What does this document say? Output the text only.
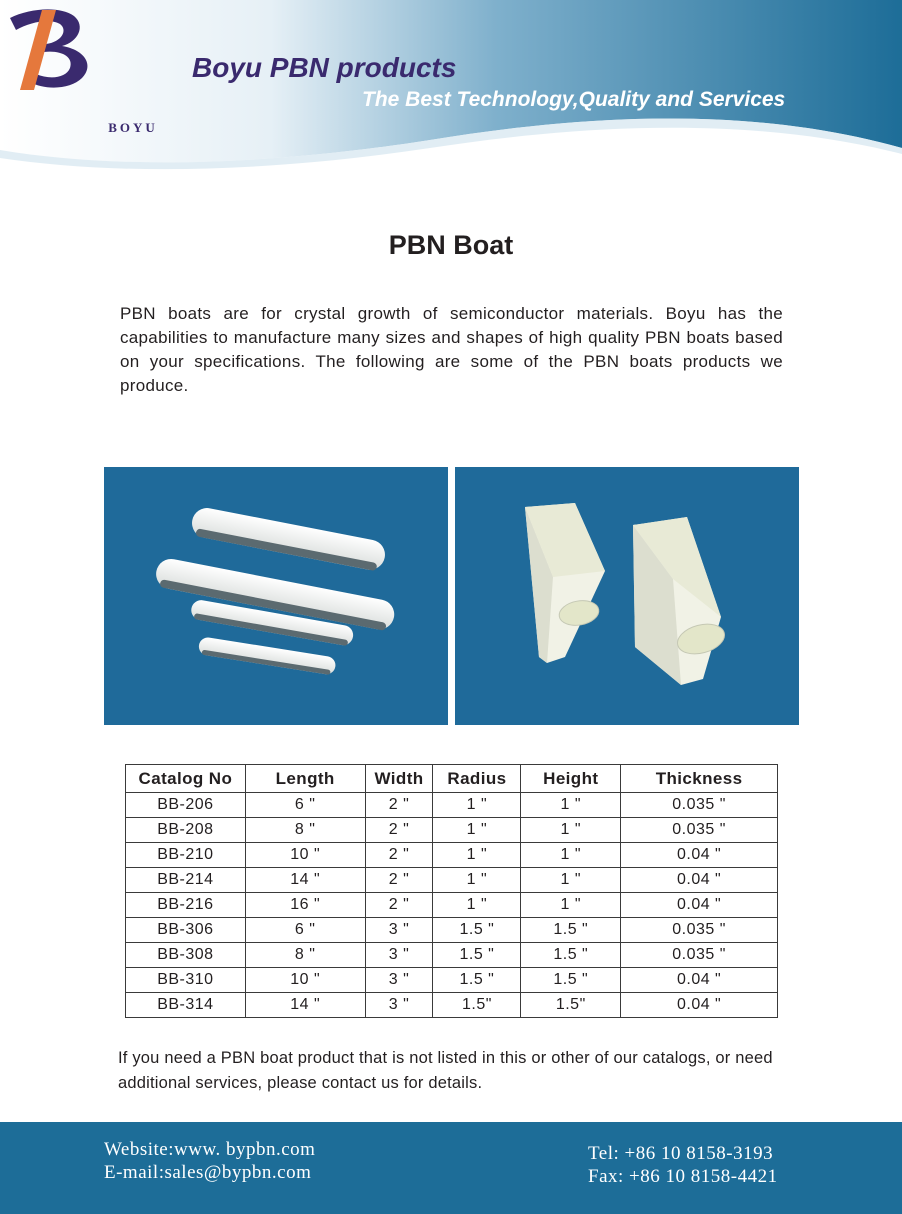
BOYU
Boyu PBN products
The Best Technology,Quality and Services
PBN Boat
PBN boats are for crystal growth of semiconductor materials. Boyu has the capabilities to manufacture many sizes and shapes of high quality PBN boats based on your specifications. The following are some of the PBN boats products we produce.
Catalog No	Length	Width	Radius	Height	Thickness
BB-206	6 "	2 "	1 "	1 "	0.035 "
BB-208	8 "	2 "	1 "	1 "	0.035 "
BB-210	10 "	2 "	1 "	1 "	0.04 "
BB-214	14 "	2 "	1 "	1 "	0.04 "
BB-216	16 "	2 "	1 "	1 "	0.04 "
BB-306	6 "	3 "	1.5 "	1.5 "	0.035 "
BB-308	8 "	3 "	1.5 "	1.5 "	0.035 "
BB-310	10 "	3 "	1.5 "	1.5 "	0.04 "
BB-314	14 "	3 "	1.5"	1.5"	0.04 "
If you need a PBN boat product that is not listed in this or other of our catalogs, or need additional services, please contact us for details.
Website:www. bypbn.com
E-mail:sales@bypbn.com
Tel: +86 10 8158-3193
Fax: +86 10 8158-4421
